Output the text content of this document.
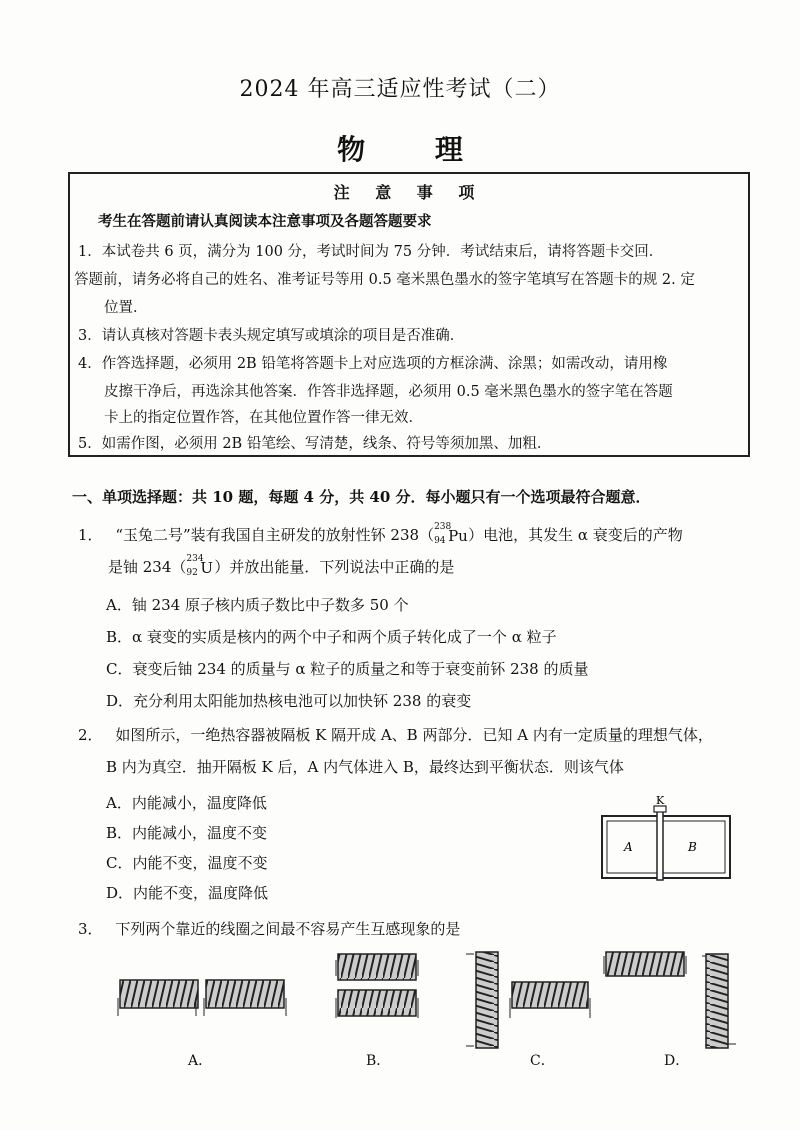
2024 年高三适应性考试（二）
物 理
注 意 事 项
考生在答题前请认真阅读本注意事项及各题答题要求
1．本试卷共 6 页，满分为 100 分，考试时间为 75 分钟．考试结束后，请将答题卡交回．
答题前，请务必将自己的姓名、准考证号等用 0.5 毫米黑色墨水的签字笔填写在答题卡的规 2. 定
位置．
3．请认真核对答题卡表头规定填写或填涂的项目是否准确．
4．作答选择题，必须用 2B 铅笔将答题卡上对应选项的方框涂满、涂黑；如需改动，请用橡
皮擦干净后，再选涂其他答案．作答非选择题，必须用 0.5 毫米黑色墨水的签字笔在答题
卡上的指定位置作答，在其他位置作答一律无效．
5．如需作图，必须用 2B 铅笔绘、写清楚，线条、符号等须加黑、加粗．
一、单项选择题：共 10 题，每题 4 分，共 40 分．每小题只有一个选项最符合题意．
1． “玉兔二号”装有我国自主研发的放射性钚 238（ 238
94 Pu ）电池，其发生 α 衰变后的产物
是铀 234（ 234
92 U ）并放出能量．下列说法中正确的是
A．铀 234 原子核内质子数比中子数多 50 个
B．α 衰变的实质是核内的两个中子和两个质子转化成了一个 α 粒子
C．衰变后铀 234 的质量与 α 粒子的质量之和等于衰变前钚 238 的质量
D．充分利用太阳能加热核电池可以加快钚 238 的衰变
2． 如图所示，一绝热容器被隔板 K 隔开成 A、B 两部分．已知 A 内有一定质量的理想气体，
B 内为真空．抽开隔板 K 后，A 内气体进入 B，最终达到平衡状态．则该气体
A．内能减小，温度降低
B．内能减小，温度不变
C．内能不变，温度不变
D．内能不变，温度降低
K
A	B
3． 下列两个靠近的线圈之间最不容易产生互感现象的是
A．	B．	C．	D．
